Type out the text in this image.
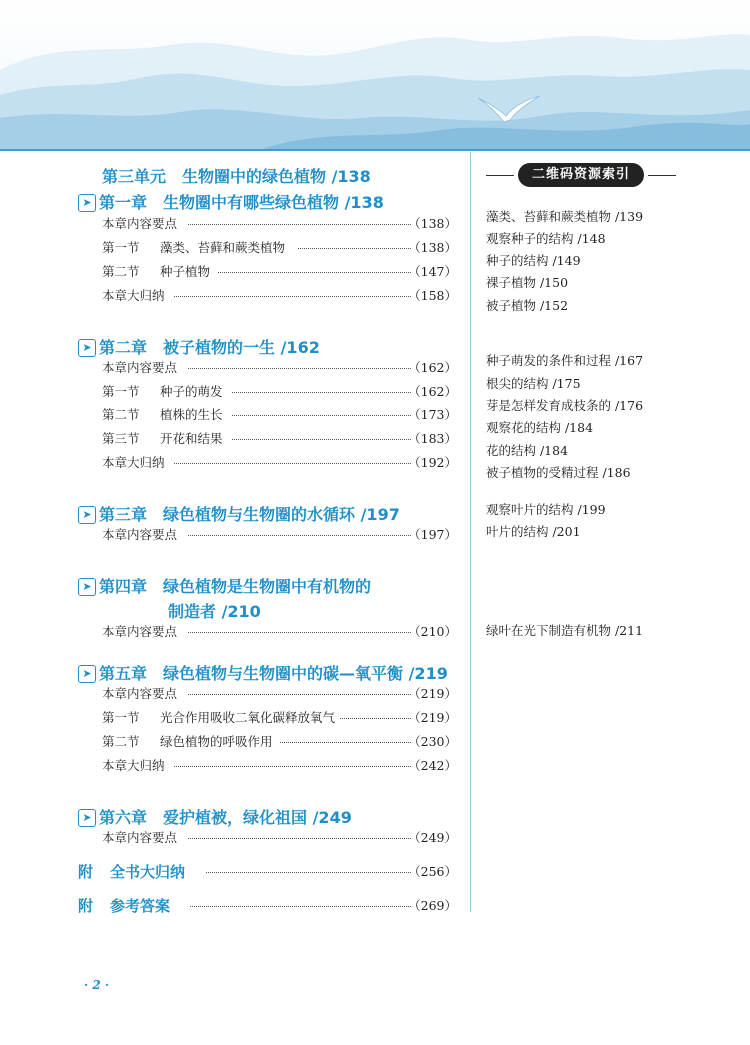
第三单元　生物圈中的绿色植物 /138
➤ 第一章 生物圈中有哪些绿色植物 /138
本章内容要点	（138）
第一节 藻类、苔藓和蕨类植物	（138）
第二节 种子植物	（147）
本章大归纳	（158）
➤ 第二章 被子植物的一生 /162
本章内容要点	（162）
第一节 种子的萌发	（162）
第二节 植株的生长	（173）
第三节 开花和结果	（183）
本章大归纳	（192）
➤ 第三章 绿色植物与生物圈的水循环 /197
本章内容要点	（197）
➤ 第四章 绿色植物是生物圈中有机物的
制造者 /210
本章内容要点	（210）
➤ 第五章 绿色植物与生物圈中的碳—氧平衡 /219
本章内容要点	（219）
第一节 光合作用吸收二氧化碳释放氧气	（219）
第二节 绿色植物的呼吸作用	（230）
本章大归纳	（242）
➤ 第六章 爱护植被，绿化祖国 /249
本章内容要点	（249）
附 全书大归纳	（256）
附 参考答案	（269）
二维码资源索引
藻类、苔藓和蕨类植物 /139
观察种子的结构 /148
种子的结构 /149
裸子植物 /150
被子植物 /152
种子萌发的条件和过程 /167
根尖的结构 /175
芽是怎样发育成枝条的 /176
观察花的结构 /184
花的结构 /184
被子植物的受精过程 /186
观察叶片的结构 /199
叶片的结构 /201
绿叶在光下制造有机物 /211
· 2 ·
